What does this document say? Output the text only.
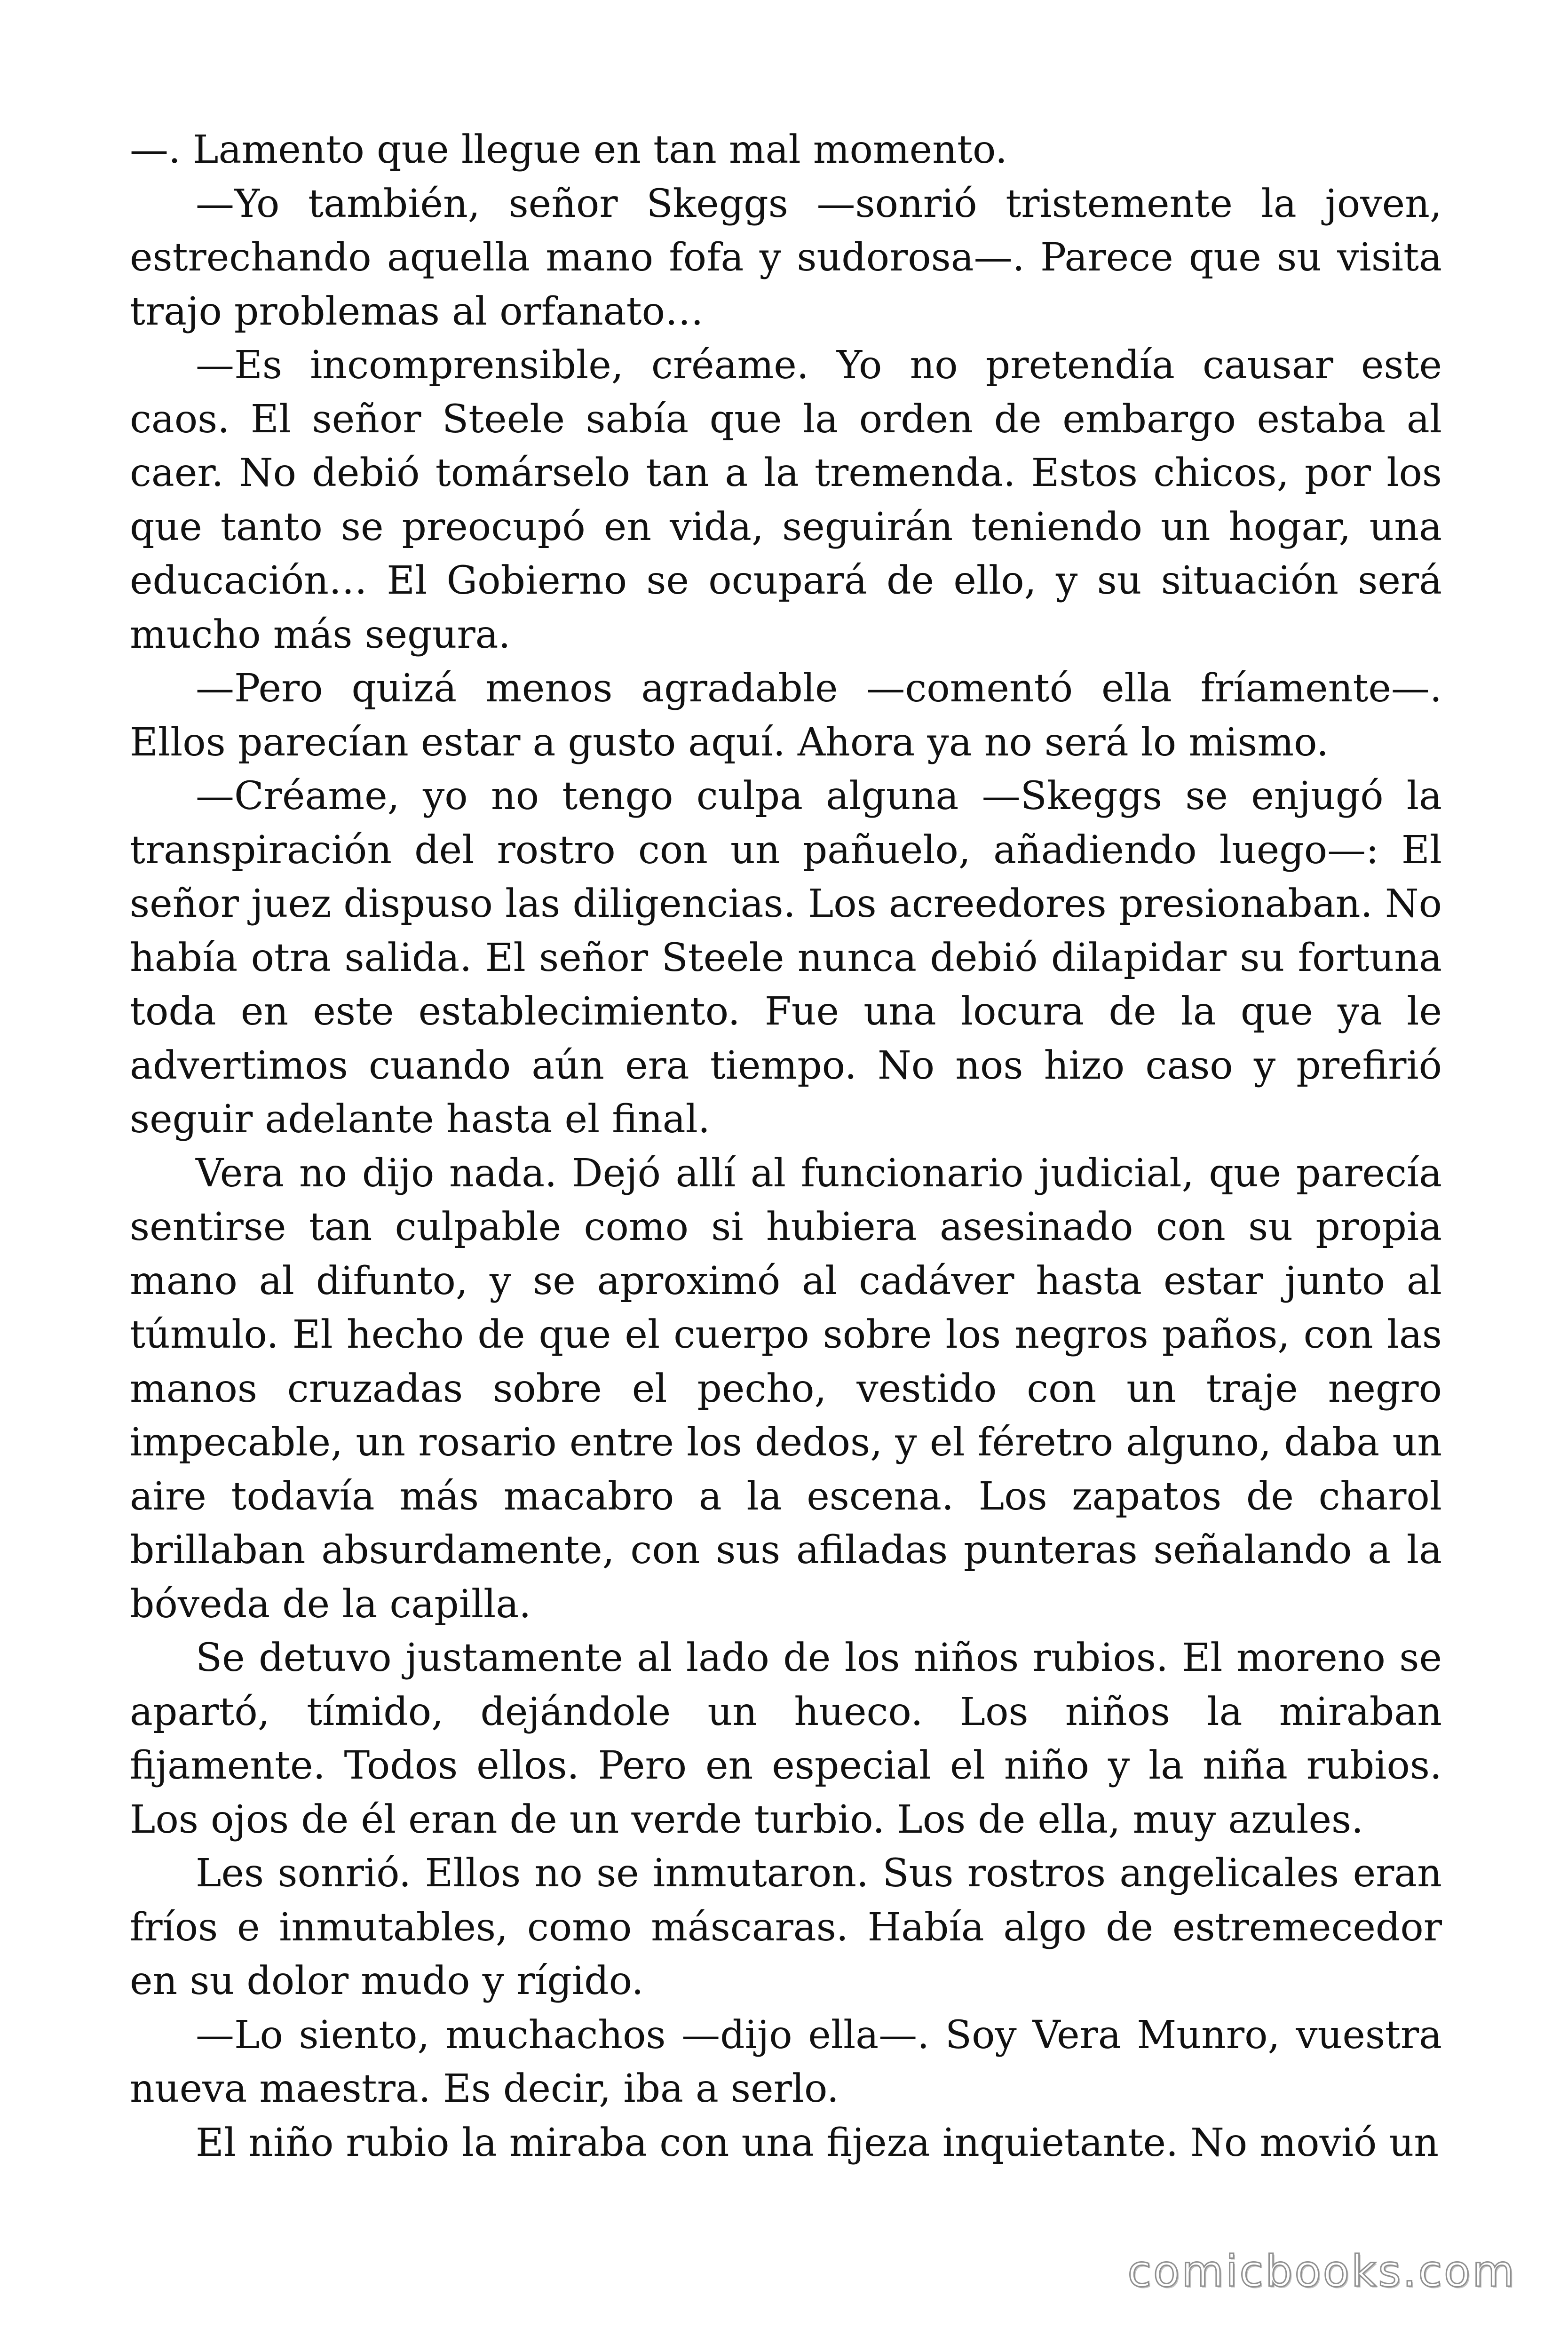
—. Lamento que llegue en tan mal momento.

—Yo también, señor Skeggs —sonrió tristemente la joven, estrechando aquella mano fofa y sudorosa—. Parece que su visita trajo problemas al orfanato…

—Es incomprensible, créame. Yo no pretendía causar este caos. El señor Steele sabía que la orden de embargo estaba al caer. No debió tomárselo tan a la tremenda. Estos chicos, por los que tanto se preocupó en vida, seguirán teniendo un hogar, una educación… El Gobierno se ocupará de ello, y su situación será mucho más segura.

—Pero quizá menos agradable —comentó ella fríamente—. Ellos parecían estar a gusto aquí. Ahora ya no será lo mismo.

—Créame, yo no tengo culpa alguna —Skeggs se enjugó la transpiración del rostro con un pañuelo, añadiendo luego—: El señor juez dispuso las diligencias. Los acreedores presionaban. No había otra salida. El señor Steele nunca debió dilapidar su fortuna toda en este establecimiento. Fue una locura de la que ya le advertimos cuando aún era tiempo. No nos hizo caso y prefirió seguir adelante hasta el final.

Vera no dijo nada. Dejó allí al funcionario judicial, que parecía sentirse tan culpable como si hubiera asesinado con su propia mano al difunto, y se aproximó al cadáver hasta estar junto al túmulo. El hecho de que el cuerpo sobre los negros paños, con las manos cruzadas sobre el pecho, vestido con un traje negro impecable, un rosario entre los dedos, y el féretro alguno, daba un aire todavía más macabro a la escena. Los zapatos de charol brillaban absurdamente, con sus afiladas punteras señalando a la bóveda de la capilla.

Se detuvo justamente al lado de los niños rubios. El moreno se apartó, tímido, dejándole un hueco. Los niños la miraban fijamente. Todos ellos. Pero en especial el niño y la niña rubios. Los ojos de él eran de un verde turbio. Los de ella, muy azules.

Les sonrió. Ellos no se inmutaron. Sus rostros angelicales eran fríos e inmutables, como máscaras. Había algo de estremecedor en su dolor mudo y rígido.

—Lo siento, muchachos —dijo ella—. Soy Vera Munro, vuestra nueva maestra. Es decir, iba a serlo.

El niño rubio la miraba con una fijeza inquietante. No movió un

comicbooks.com
